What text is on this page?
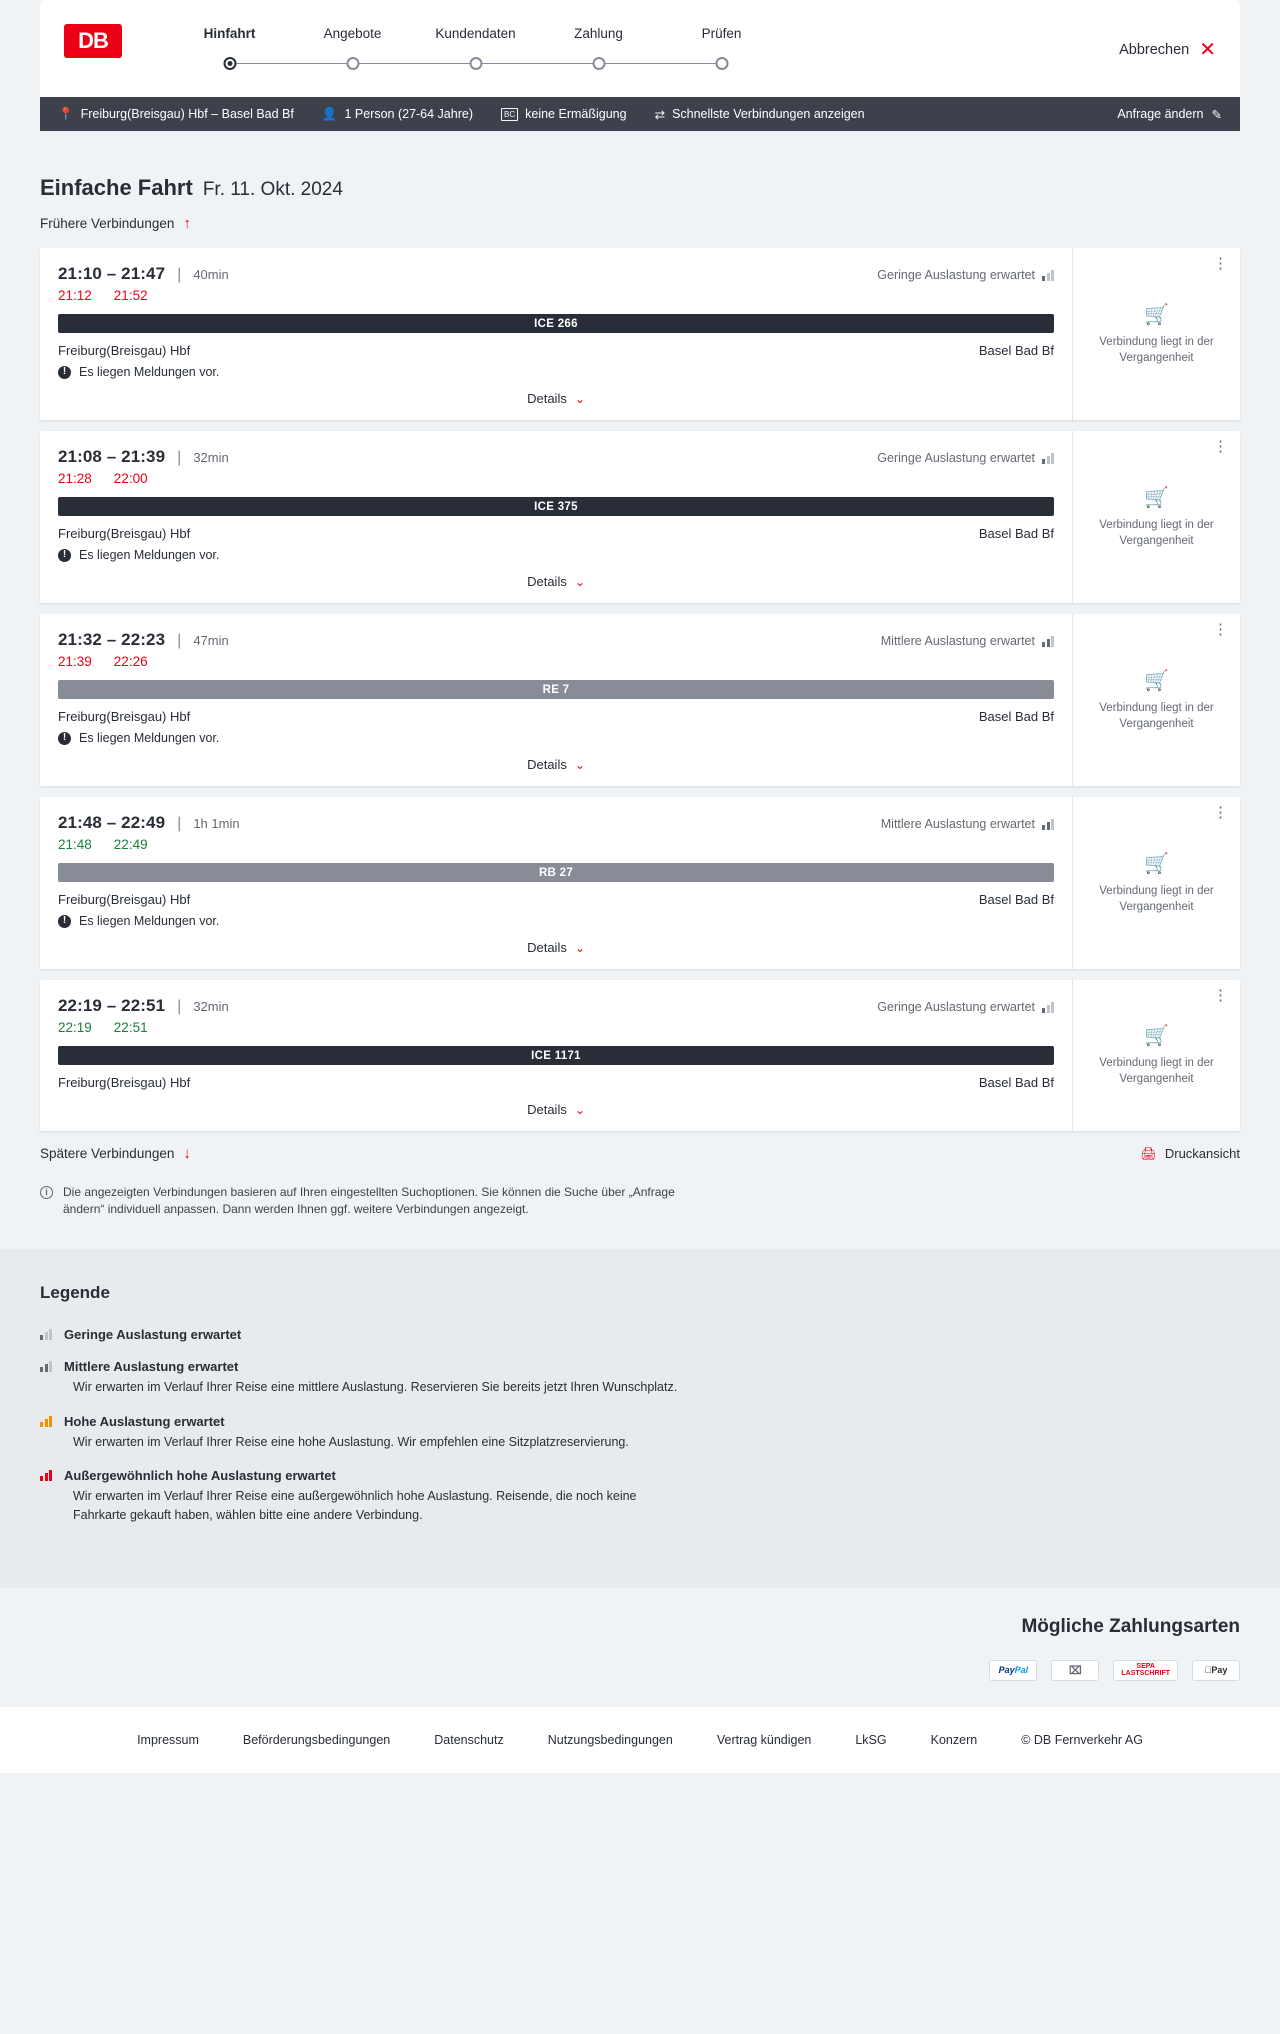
DB	Hinfahrt	Angebote	Kundendaten	Zahlung	Prüfen
Abbrechen ✕
📍 Freiburg(Breisgau) Hbf – Basel Bad Bf 👤 1 Person (27-64 Jahre)	BC keine Ermäßigung ⇄ Schnellste Verbindungen anzeigen	Anfrage ändern ✎
Einfache Fahrt Fr. 11. Okt. 2024
Frühere Verbindungen ↑
21:10 – 21:47 | 40min	Geringe Auslastung erwartet
21:12 21:52
ICE 266
Freiburg(Breisgau) Hbf	Basel Bad Bf
!	Es liegen Meldungen vor.
Details ⌄
⋮
🛒
Verbindung liegt in der Vergangenheit
21:08 – 21:39 | 32min	Geringe Auslastung erwartet
21:28 22:00
ICE 375
Freiburg(Breisgau) Hbf	Basel Bad Bf
!	Es liegen Meldungen vor.
Details ⌄
⋮
🛒
Verbindung liegt in der Vergangenheit
21:32 – 22:23 | 47min	Mittlere Auslastung erwartet
21:39 22:26
RE 7
Freiburg(Breisgau) Hbf	Basel Bad Bf
!	Es liegen Meldungen vor.
Details ⌄
⋮
🛒
Verbindung liegt in der Vergangenheit
21:48 – 22:49 | 1h 1min	Mittlere Auslastung erwartet
21:48 22:49
RB 27
Freiburg(Breisgau) Hbf	Basel Bad Bf
!	Es liegen Meldungen vor.
Details ⌄
⋮
🛒
Verbindung liegt in der Vergangenheit
22:19 – 22:51 | 32min	Geringe Auslastung erwartet
22:19 22:51
ICE 1171
Freiburg(Breisgau) Hbf	Basel Bad Bf
Details ⌄
⋮
🛒
Verbindung liegt in der Vergangenheit
Spätere Verbindungen ↓	🖨 Druckansicht
i	Die angezeigten Verbindungen basieren auf Ihren eingestellten Suchoptionen. Sie können die Suche über „Anfrage ändern“ individuell anpassen. Dann werden Ihnen ggf. weitere Verbindungen angezeigt.
Legende
Geringe Auslastung erwartet
Mittlere Auslastung erwartet
Wir erwarten im Verlauf Ihrer Reise eine mittlere Auslastung. Reservieren Sie bereits jetzt Ihren Wunschplatz.
Hohe Auslastung erwartet
Wir erwarten im Verlauf Ihrer Reise eine hohe Auslastung. Wir empfehlen eine Sitzplatzreservierung.
Außergewöhnlich hohe Auslastung erwartet
Wir erwarten im Verlauf Ihrer Reise eine außergewöhnlich hohe Auslastung. Reisende, die noch keine Fahrkarte gekauft haben, wählen bitte eine andere Verbindung.
Mögliche Zahlungsarten
Pay Pal	⌧	SEPA
LASTSCHRIFT	Pay
Impressum	Beförderungsbedingungen	Datenschutz	Nutzungsbedingungen	Vertrag kündigen	LkSG	Konzern	© DB Fernverkehr AG
